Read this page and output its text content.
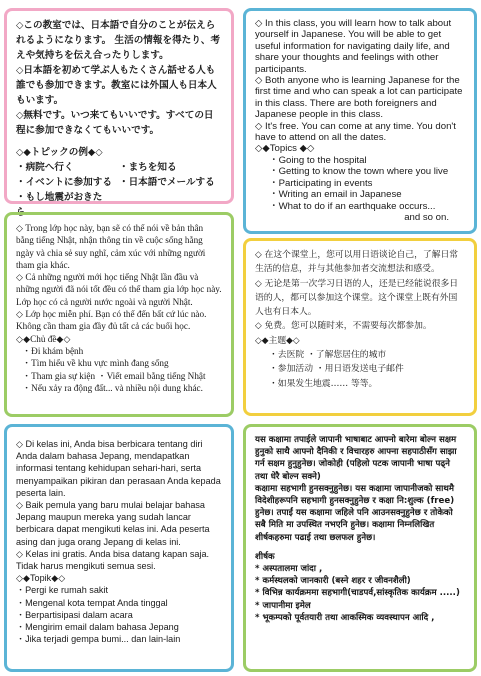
◇この教室では、日本語で自分のことが伝えられるようになります。 生活の情報を得たり、考えや気持ちを伝え合ったりします。

◇日本語を初めて学ぶ人もたくさん話せる人も誰でも参加できます。教室には外国人も日本人もいます。

◇無料です。いつ来てもいいです。すべての日程に参加できなくてもいいです。

◇◆トピックの例◆◇

・病院へ行く	・まちを知る
・イベントに参加する ・日本語でメールする
・もし地震がおきたら…

◇ In this class, you will learn how to talk about yourself in Japanese. You will be able to get useful information for navigating daily life, and share your thoughts and feelings with other participants.

◇ Both anyone who is learning Japanese for the first time and who can speak a lot can participate in this class. There are both foreigners and Japanese people in this class.

◇ It's free. You can come at any time. You don't have to attend on all the dates.

◇◆Topics ◆◇

・Going to the hospital
・Getting to know the town where you live
・Participating in events
・Writing an email in Japanese
・What to do if an earthquake occurs...

and so on.

◇ Trong lớp học này, bạn sẽ có thể nói về bản thân bằng tiếng Nhật, nhận thông tin về cuộc sống hằng ngày và chia sẻ suy nghĩ, cảm xúc với những người tham gia khác.

◇ Cả những người mới học tiếng Nhật lần đầu và những người đã nói tốt đều có thể tham gia lớp học này. Lớp học có cả người nước ngoài và người Nhật.

◇ Lớp học miễn phí. Bạn có thể đến bất cứ lúc nào. Không cần tham gia đầy đủ tất cả các buổi học.

◇◆Chủ đề◆◇

・Đi khám bệnh
・Tìm hiểu về khu vực mình đang sống
・Tham gia sự kiện ・Viết email bằng tiếng Nhật
・Nếu xảy ra động đất... và nhiều nội dung khác.

◇ 在这个课堂上，您可以用日语谈论自己，了解日常生活的信息，并与其他参加者交流想法和感受。

◇ 无论是第一次学习日语的人，还是已经能说很多日语的人，都可以参加这个课堂。这个课堂上既有外国人也有日本人。

◇ 免费。您可以随时来，不需要每次都参加。

◇◆主题◆◇

・去医院 ・了解您居住的城市
・参加活动 ・用日语发送电子邮件
・如果发生地震…… 等等。

◇ Di kelas ini, Anda bisa berbicara tentang diri Anda dalam bahasa Jepang, mendapatkan informasi tentang kehidupan sehari-hari, serta menyampaikan pikiran dan perasaan Anda kepada peserta lain.

◇ Baik pemula yang baru mulai belajar bahasa Jepang maupun mereka yang sudah lancar berbicara dapat mengikuti kelas ini. Ada peserta asing dan juga orang Jepang di kelas ini.

◇ Kelas ini gratis. Anda bisa datang kapan saja. Tidak harus mengikuti semua sesi.

◇◆Topik◆◇

・Pergi ke rumah sakit
・Mengenal kota tempat Anda tinggal
・Berpartisipasi dalam acara
・Mengirim email dalam bahasa Jepang
・Jika terjadi gempa bumi... dan lain-lain

यस कक्षामा तपाईले जापानी भाषाबाट आफ्नो बारेमा बोल्न सक्षम हुनुको साथै आफ्नो दैनिकी र विचारहरु आफ्ना सहपाठीसँग साझा गर्न सक्षम हुनुहुनेछ। जोकोही (पहिलो पटक जापानी भाषा पढ्ने तथा धेरै बोल्न सक्ने)

कक्षामा सहभागी हुनसक्नुहुनेछ। यस कक्षामा जापानीजको साथमै विदेशीहरूपनि सहभागी हुनसक्नुहुनेछ र कक्षा नि:शुल्क (free) हुनेछ। तपाईं यस कक्षामा जहिले पनि आउनसक्नुहुनेछ र तोकेको सबै मिति मा उपस्थित नभएनि हुनेछ। कक्षामा निम्नलिखित शीर्षकहरुमा पढाई तथा छलफल हुनेछ।

शीर्षक

* अस्पतालमा जांदा ,
* कर्मस्थलको जानकारी (बस्ने शहर र जीवनशैली)
* विभिन्न कार्यक्रममा सहभागी(चाडपर्व,सांस्कृतिक कार्यक्रम .....)
* जापानीमा इमेल
* भूकम्पको पूर्वतयारी तथा आकस्मिक व्यवस्थापन आदि ,
